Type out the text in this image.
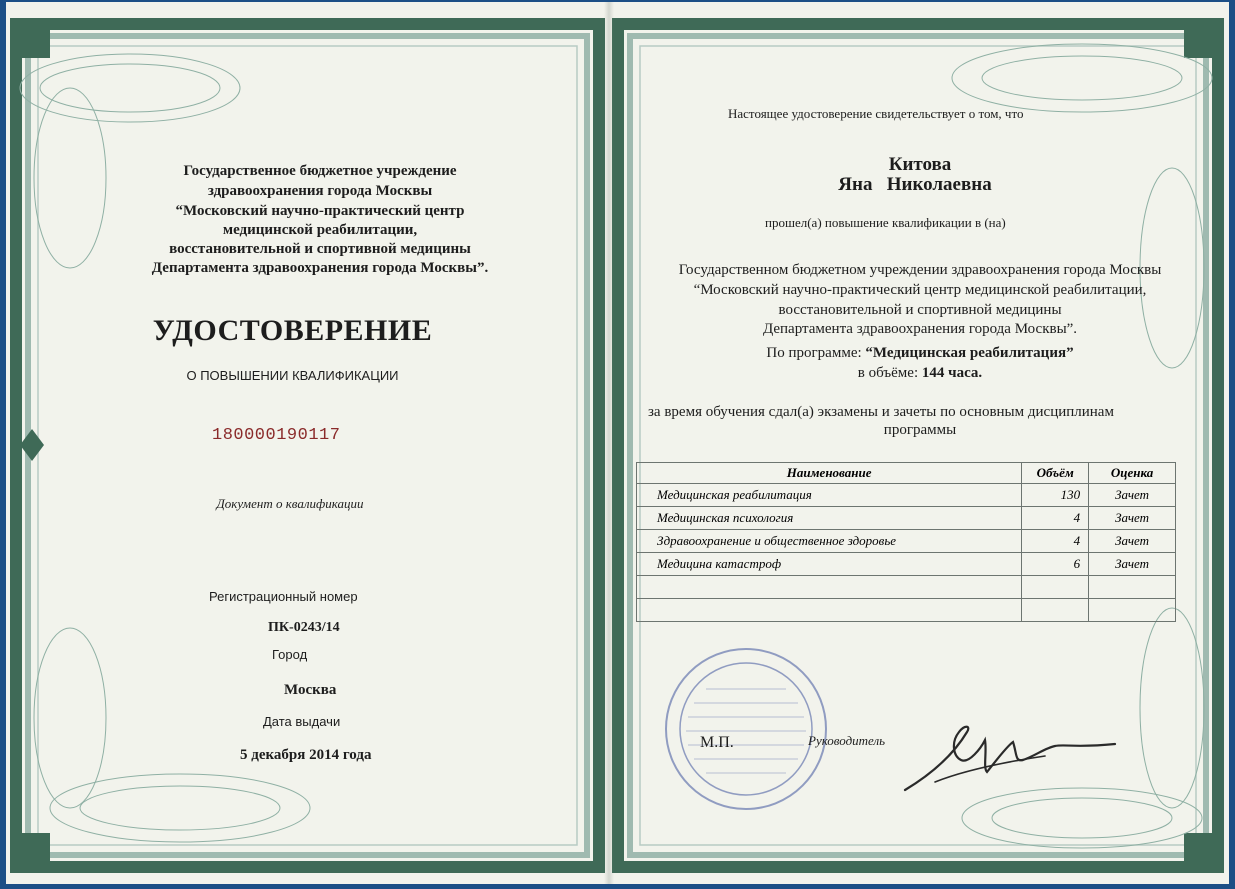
Государственное бюджетное учреждение
здравоохранения города Москвы
“Московский научно-практический центр
медицинской реабилитации,
восстановительной и спортивной медицины
Департамента здравоохранения города Москвы”.
УДОСТОВЕРЕНИЕ
О ПОВЫШЕНИИ КВАЛИФИКАЦИИ
180000190117
Документ о квалификации
Регистрационный номер
ПК-0243/14
Город
Москва
Дата выдачи
5 декабря 2014 года
Настоящее удостоверение свидетельствует о том, что
Китова
Яна   Николаевна
прошел(а) повышение квалификации в (на)
Государственном бюджетном учреждении здравоохранения города Москвы
“Московский научно-практический центр медицинской реабилитации,
восстановительной и спортивной медицины
Департамента здравоохранения города Москвы”.
По программе: “Медицинская реабилитация”
в объёме: 144 часа.
за время обучения сдал(а) экзамены и зачеты по основным дисциплинам
программы
Наименование	Объём	Оценка
Медицинская реабилитация	130	Зачет
Медицинская психология	4	Зачет
Здравоохранение и общественное здоровье	4	Зачет
Медицина катастроф	6	Зачет

М.П.	Руководитель
